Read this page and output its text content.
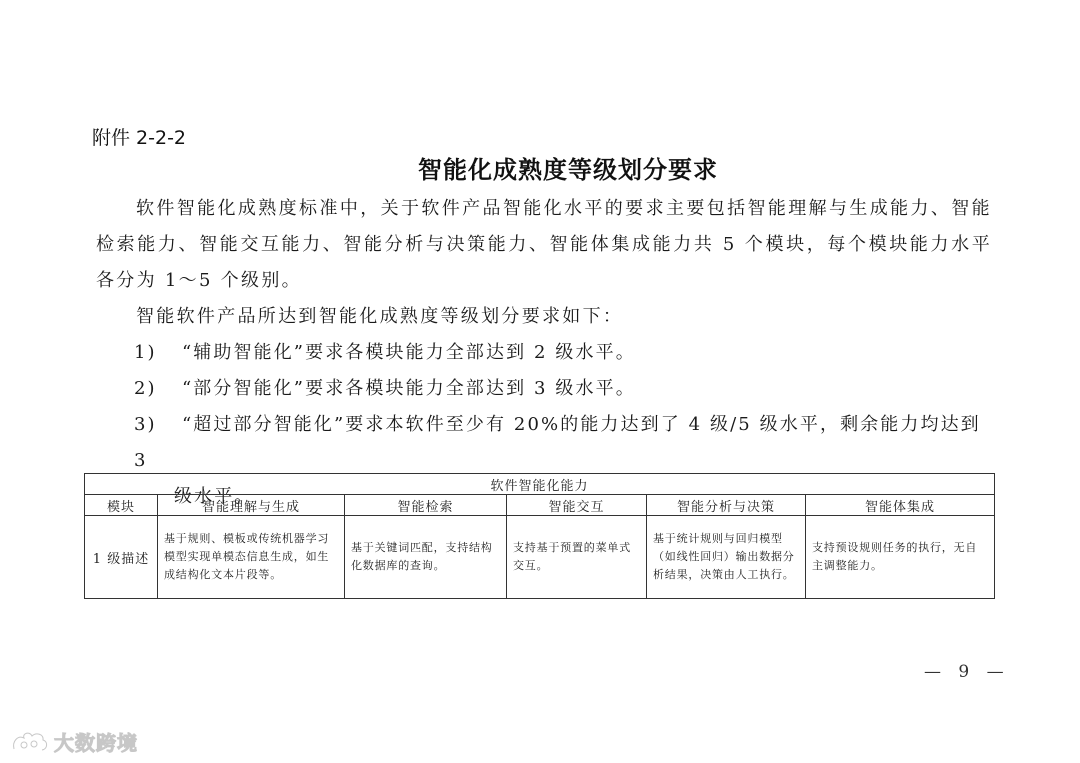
附件 2-2-2
智能化成熟度等级划分要求
软件智能化成熟度标准中，关于软件产品智能化水平的要求主要包括智能理解与生成能力、智能检索能力、智能交互能力、智能分析与决策能力、智能体集成能力共 5 个模块，每个模块能力水平各分为 1～5 个级别。
智能软件产品所达到智能化成熟度等级划分要求如下：
1) “辅助智能化”要求各模块能力全部达到 2 级水平。
2) “部分智能化”要求各模块能力全部达到 3 级水平。
3) “超过部分智能化”要求本软件至少有 20%的能力达到了 4 级/5 级水平，剩余能力均达到 3
级水平。	软件智能化能力					
模块	智能理解与生成	智能检索	智能交互	智能分析与决策	智能体集成
1 级描述	基于规则、模板或传统机器学习模型实现单模态信息生成，如生成结构化文本片段等。	基于关键词匹配，支持结构化数据库的查询。	支持基于预置的菜单式交互。	基于统计规则与回归模型（如线性回归）输出数据分析结果，决策由人工执行。	支持预设规则任务的执行，无自主调整能力。
— 9 —
大数跨境
